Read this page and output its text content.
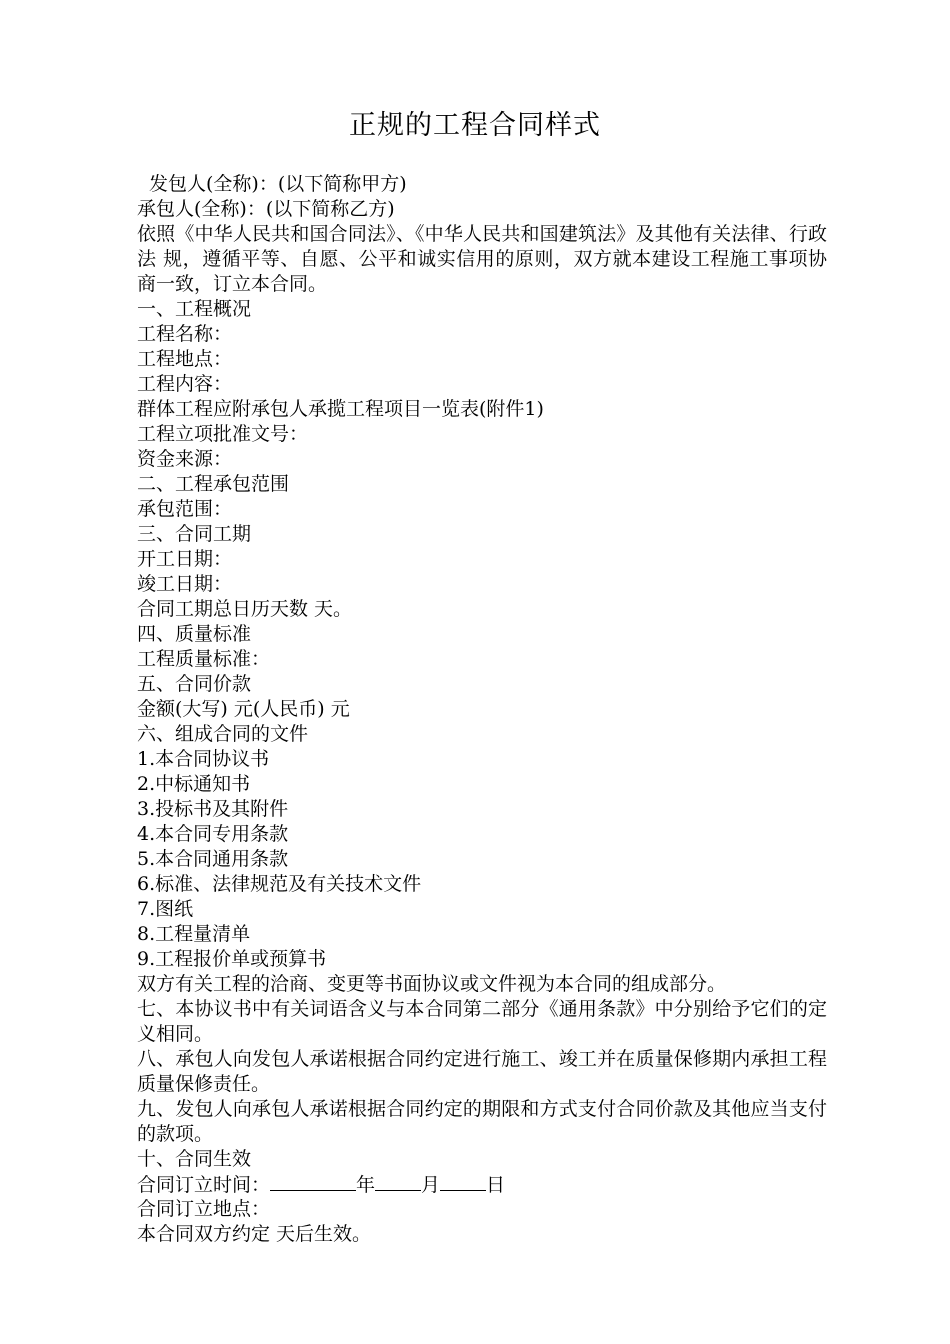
正规的工程合同样式
发包人(全称)：(以下简称甲方)
承包人(全称)：(以下简称乙方)
依照《中华人民共和国合同法》、《中华人民共和国建筑法》及其他有关法律、行政法 规，遵循平等、自愿、公平和诚实信用的原则，双方就本建设工程施工事项协商一致，订立本合同。
一、工程概况
工程名称：
工程地点：
工程内容：
群体工程应附承包人承揽工程项目一览表(附件1)
工程立项批准文号：
资金来源：
二、工程承包范围
承包范围：
三、合同工期
开工日期：
竣工日期：
合同工期总日历天数 天。
四、质量标准
工程质量标准：
五、合同价款
金额(大写) 元(人民币) 元
六、组成合同的文件
1.本合同协议书
2.中标通知书
3.投标书及其附件
4.本合同专用条款
5.本合同通用条款
6.标准、法律规范及有关技术文件
7.图纸
8.工程量清单
9.工程报价单或预算书
双方有关工程的洽商、变更等书面协议或文件视为本合同的组成部分。
七、本协议书中有关词语含义与本合同第二部分《通用条款》中分别给予它们的定义相同。
八、承包人向发包人承诺根据合同约定进行施工、竣工并在质量保修期内承担工程质量保修责任。
九、发包人向承包人承诺根据合同约定的期限和方式支付合同价款及其他应当支付的款项。
十、合同生效
合同订立时间：	年 月 日
合同订立地点：
本合同双方约定 天后生效。
